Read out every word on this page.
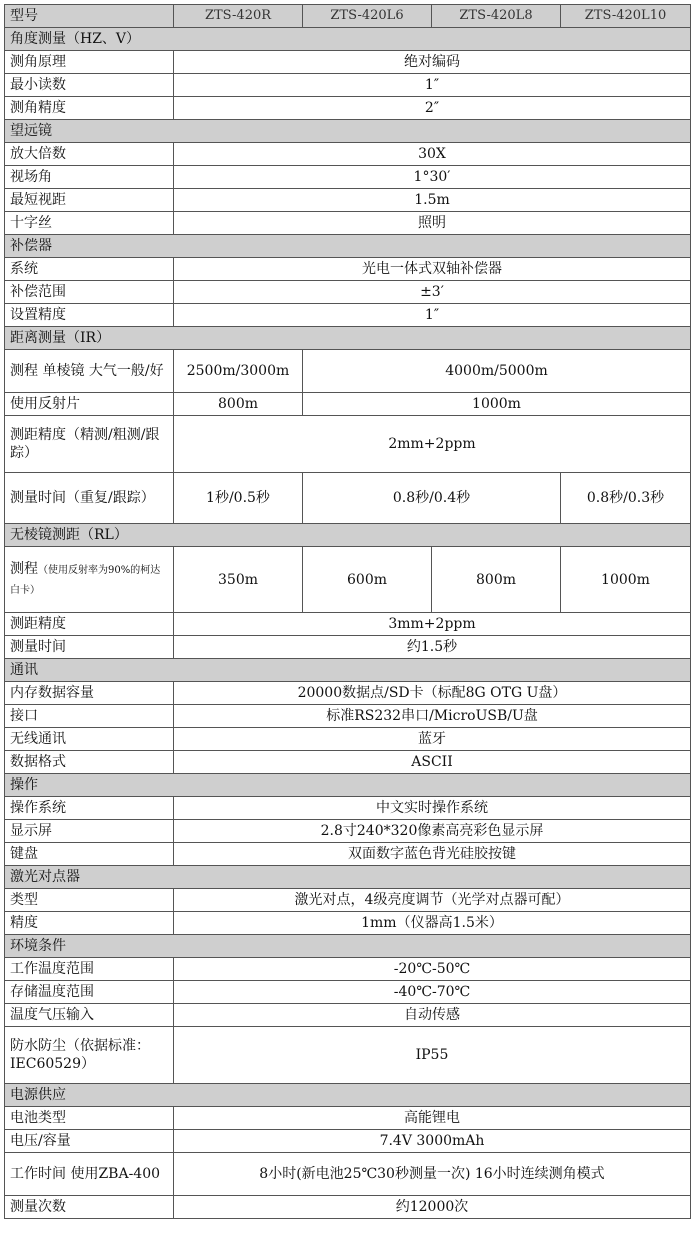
型号	ZTS-420R	ZTS-420L6	ZTS-420L8	ZTS-420L10
角度测量（HZ、V）				
测角原理	绝对编码			
最小读数	1″			
测角精度	2″			
望远镜				
放大倍数	30X			
视场角	1°30′			
最短视距	1.5m			
十字丝	照明			
补偿器				
系统	光电一体式双轴补偿器			
补偿范围	±3′			
设置精度	1″			
距离测量（IR）				
测程 单棱镜 大气一般/好	2500m/3000m	4000m/5000m		
使用反射片	800m	1000m		
测距精度（精测/粗测/跟踪）	2mm+2ppm			
测量时间（重复/跟踪）	1秒/0.5秒	0.8秒/0.4秒		0.8秒/0.3秒
无棱镜测距（RL）				
测程（使用反射率为90%的柯达白卡）	350m	600m	800m	1000m
测距精度	3mm+2ppm			
测量时间	约1.5秒			
通讯				
内存数据容量	20000数据点/SD卡（标配8G OTG U盘）			
接口	标准RS232串口/MicroUSB/U盘			
无线通讯	蓝牙			
数据格式	ASCII			
操作				
操作系统	中文实时操作系统			
显示屏	2.8寸240*320像素高亮彩色显示屏			
键盘	双面数字蓝色背光硅胶按键			
激光对点器				
类型	激光对点，4级亮度调节（光学对点器可配）			
精度	1mm（仪器高1.5米）			
环境条件				
工作温度范围	-20℃-50℃			
存储温度范围	-40℃-70℃			
温度气压输入	自动传感			
防水防尘（依据标准：IEC60529）	IP55			
电源供应				
电池类型	高能锂电			
电压/容量	7.4V 3000mAh			
工作时间 使用ZBA-400	8小时(新电池25℃30秒测量一次) 16小时连续测角模式			
测量次数	约12000次			
